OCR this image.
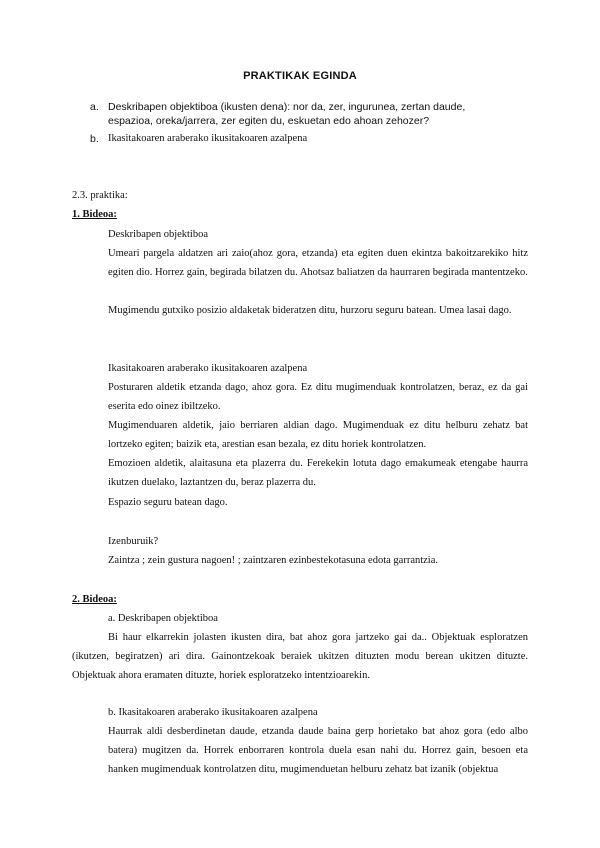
PRAKTIKAK EGINDA
a. Deskribapen objektiboa (ikusten dena): nor da, zer, ingurunea, zertan daude, espazioa, oreka/jarrera, zer egiten du, eskuetan edo ahoan zehozer?
b. Ikasitakoaren araberako ikusitakoaren azalpena
2.3. praktika:
1. Bideoa:
Deskribapen objektiboa
Umeari pargela aldatzen ari zaio(ahoz gora, etzanda) eta egiten duen ekintza bakoitzarekiko hitz egiten dio. Horrez gain, begirada bilatzen du. Ahotsaz baliatzen da haurraren begirada mantentzeko.
Mugimendu gutxiko posizio aldaketak bideratzen ditu, hurzoru seguru batean. Umea lasai dago.
Ikasitakoaren araberako ikusitakoaren azalpena
Posturaren aldetik etzanda dago, ahoz gora. Ez ditu mugimenduak kontrolatzen, beraz, ez da gai eserita edo oinez ibiltzeko.
Mugimenduaren aldetik, jaio berriaren aldian dago. Mugimenduak ez ditu helburu zehatz bat lortzeko egiten; baizik eta, arestian esan bezala, ez ditu horiek kontrolatzen.
Emozioen aldetik, alaitasuna eta plazerra du. Ferekekin lotuta dago emakumeak etengabe haurra ikutzen duelako, laztantzen du, beraz plazerra du.
Espazio seguru batean dago.
Izenburuik?
Zaintza ; zein gustura nagoen! ; zaintzaren ezinbestekotasuna edota garrantzia.
2. Bideoa:
a. Deskribapen objektiboa
Bi haur elkarrekin jolasten ikusten dira, bat ahoz gora jartzeko gai da.. Objektuak esploratzen (ikutzen, begiratzen) ari dira. Gainontzekoak beraiek ukitzen dituzten modu berean ukitzen dituzte. Objektuak ahora eramaten dituzte, horiek esploratzeko intentzioarekin.
b. Ikasitakoaren araberako ikusitakoaren azalpena
Haurrak aldi desberdinetan daude, etzanda daude baina gerp horietako bat ahoz gora (edo albo batera) mugitzen da. Horrek enborraren kontrola duela esan nahi du. Horrez gain, besoen eta hanken mugimenduak kontrolatzen ditu, mugimenduetan helburu zehatz bat izanik (objektua
